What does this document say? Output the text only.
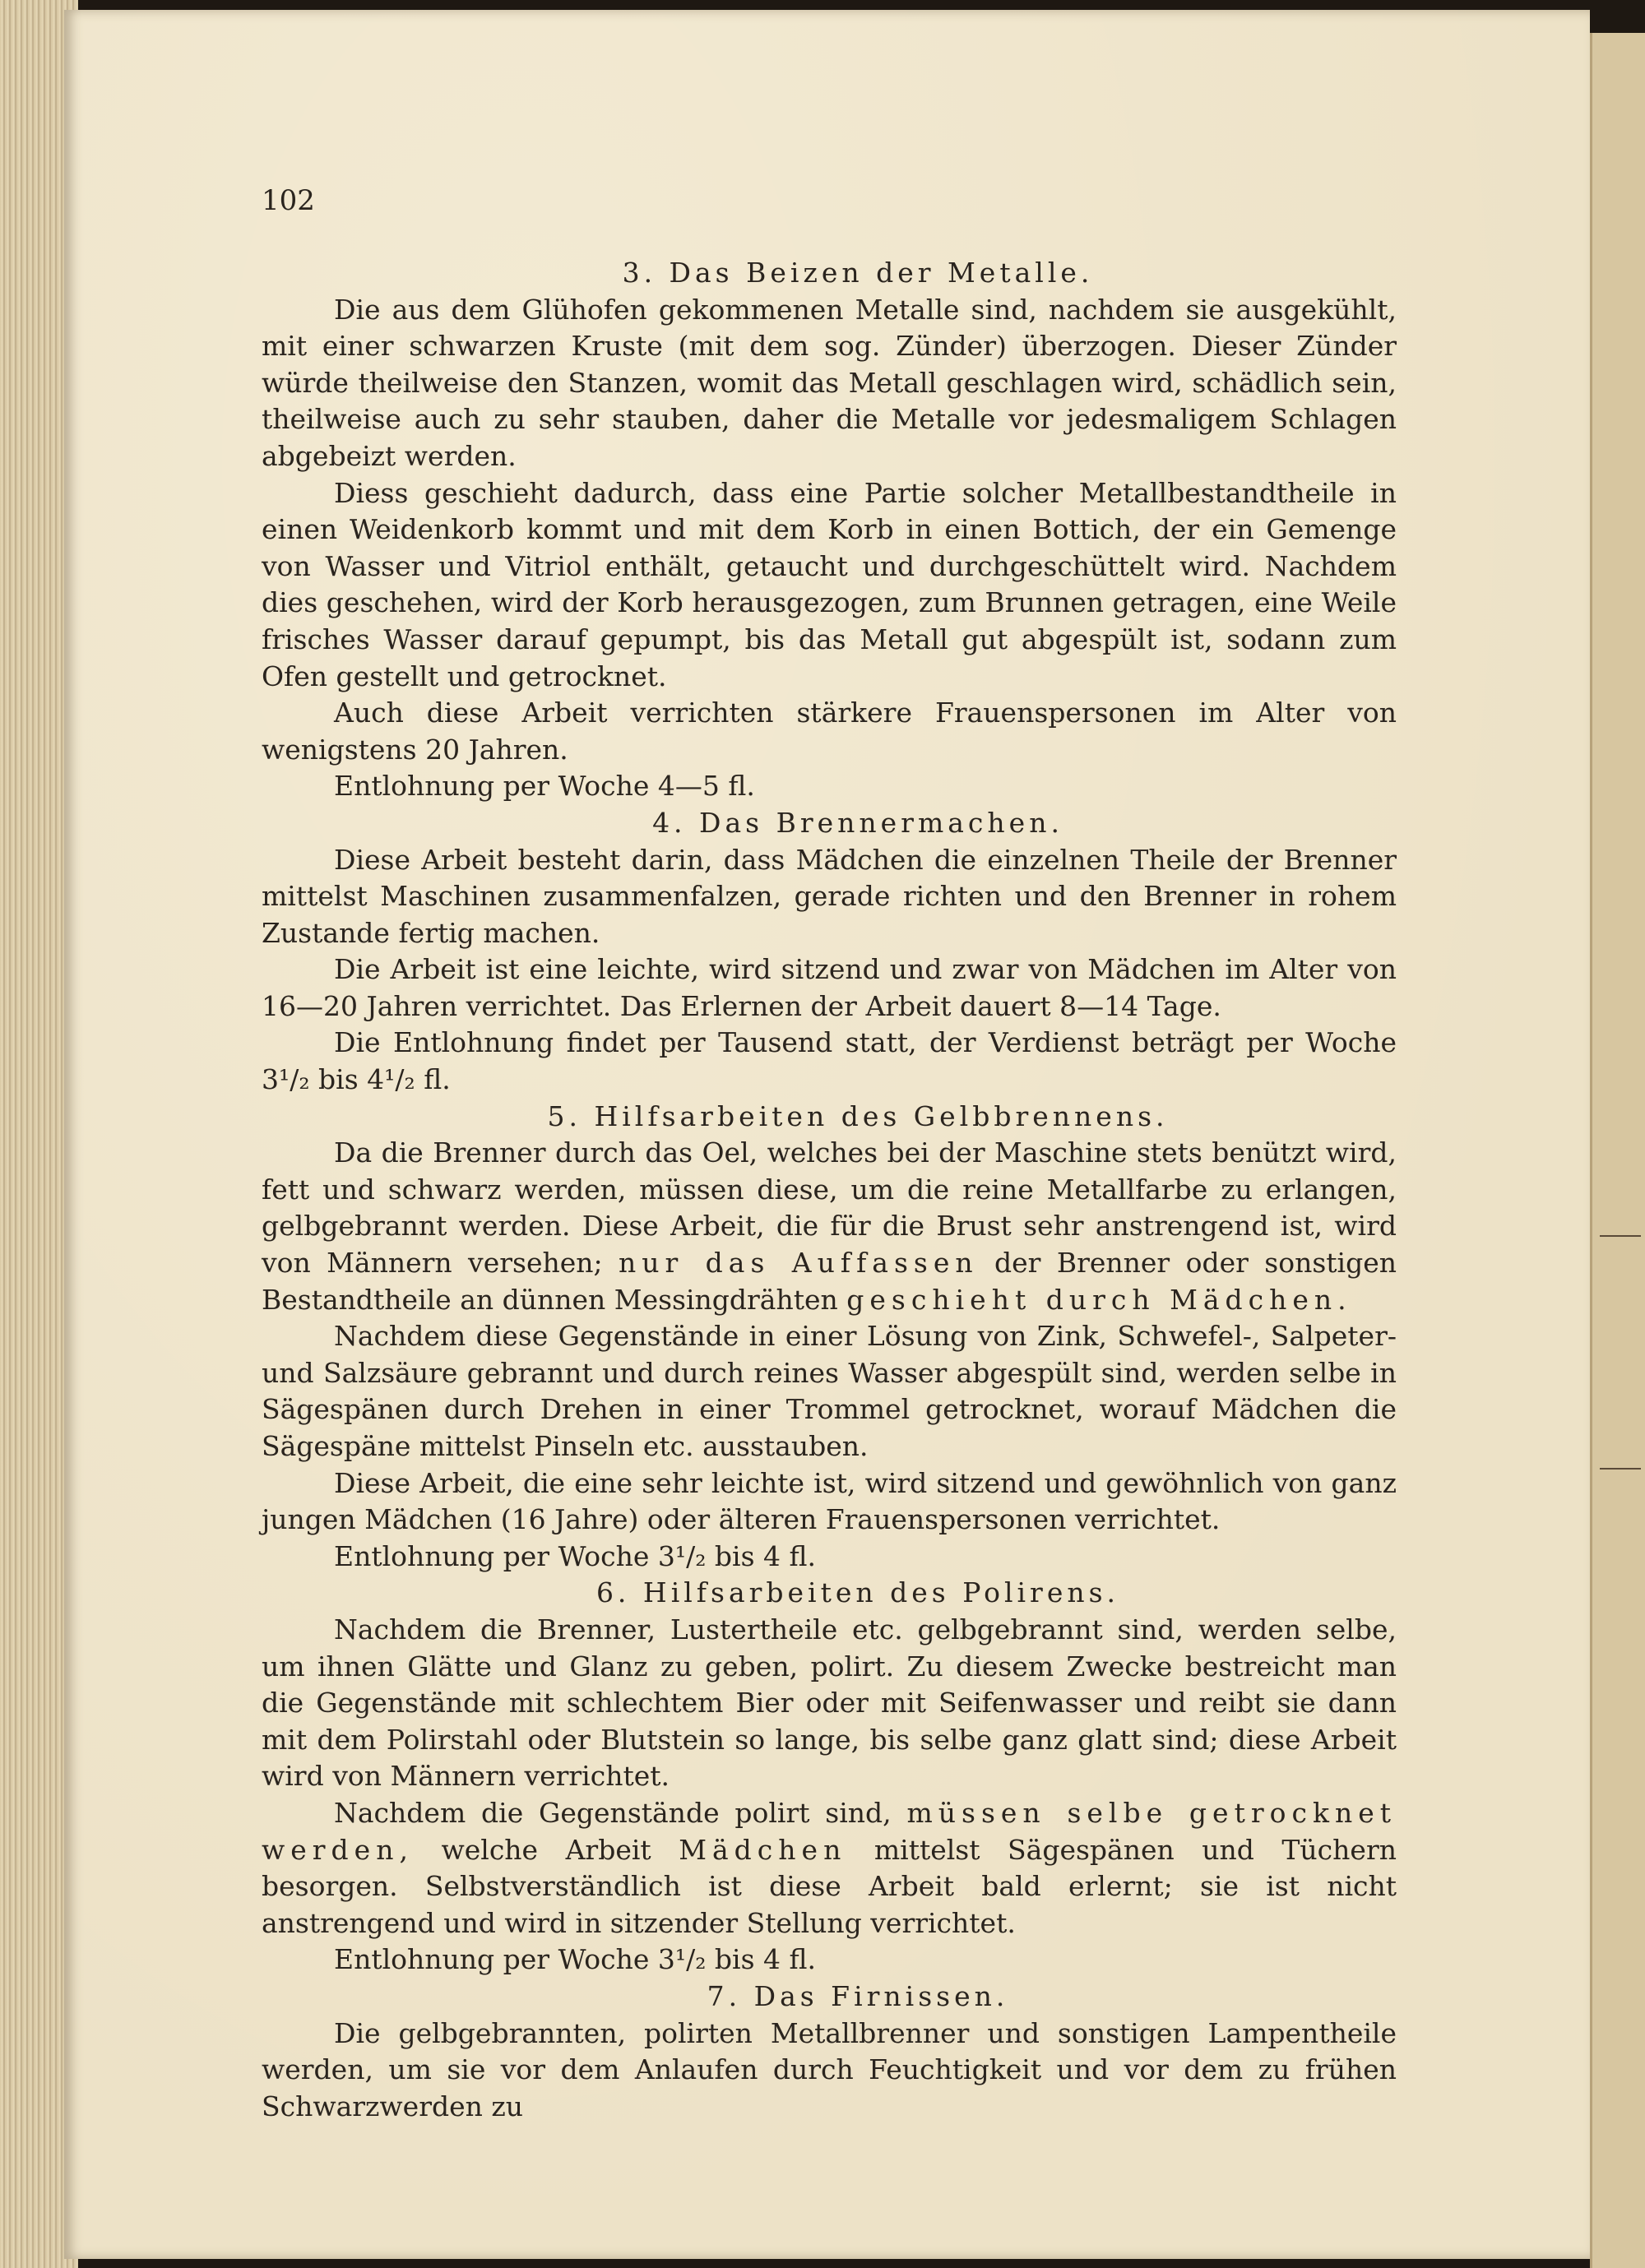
102
3. Das Beizen der Metalle.

Die aus dem Glühofen gekommenen Metalle sind, nachdem sie ausgekühlt, mit einer schwarzen Kruste (mit dem sog. Zünder) überzogen. Dieser Zünder würde theilweise den Stanzen, womit das Metall geschlagen wird, schädlich sein, theilweise auch zu sehr stauben, daher die Metalle vor jedesmaligem Schlagen abgebeizt werden.

Diess geschieht dadurch, dass eine Partie solcher Metallbestandtheile in einen Weidenkorb kommt und mit dem Korb in einen Bottich, der ein Gemenge von Wasser und Vitriol enthält, getaucht und durchgeschüttelt wird. Nachdem dies geschehen, wird der Korb herausgezogen, zum Brunnen getragen, eine Weile frisches Wasser darauf gepumpt, bis das Metall gut abgespült ist, sodann zum Ofen gestellt und getrocknet.

Auch diese Arbeit verrichten stärkere Frauenspersonen im Alter von wenigstens 20 Jahren.

Entlohnung per Woche 4—5 fl.

4. Das Brennermachen.

Diese Arbeit besteht darin, dass Mädchen die einzelnen Theile der Brenner mittelst Maschinen zusammenfalzen, gerade richten und den Brenner in rohem Zustande fertig machen.

Die Arbeit ist eine leichte, wird sitzend und zwar von Mädchen im Alter von 16—20 Jahren verrichtet. Das Erlernen der Arbeit dauert 8—14 Tage.

Die Entlohnung findet per Tausend statt, der Verdienst beträgt per Woche 3¹/₂ bis 4¹/₂ fl.

5. Hilfsarbeiten des Gelbbrennens.

Da die Brenner durch das Oel, welches bei der Maschine stets benützt wird, fett und schwarz werden, müssen diese, um die reine Metallfarbe zu erlangen, gelbgebrannt werden. Diese Arbeit, die für die Brust sehr anstrengend ist, wird von Männern versehen; nur das Auffassen der Brenner oder sonstigen Bestandtheile an dünnen Messingdrähten geschieht durch Mädchen.

Nachdem diese Gegenstände in einer Lösung von Zink, Schwefel-, Salpeter- und Salzsäure gebrannt und durch reines Wasser abgespült sind, werden selbe in Sägespänen durch Drehen in einer Trommel getrocknet, worauf Mädchen die Sägespäne mittelst Pinseln etc. ausstauben.

Diese Arbeit, die eine sehr leichte ist, wird sitzend und gewöhnlich von ganz jungen Mädchen (16 Jahre) oder älteren Frauenspersonen verrichtet.

Entlohnung per Woche 3¹/₂ bis 4 fl.

6. Hilfsarbeiten des Polirens.

Nachdem die Brenner, Lustertheile etc. gelbgebrannt sind, werden selbe, um ihnen Glätte und Glanz zu geben, polirt. Zu diesem Zwecke bestreicht man die Gegenstände mit schlechtem Bier oder mit Seifenwasser und reibt sie dann mit dem Polirstahl oder Blutstein so lange, bis selbe ganz glatt sind; diese Arbeit wird von Männern verrichtet.

Nachdem die Gegenstände polirt sind, müssen selbe getrocknet werden, welche Arbeit Mädchen mittelst Sägespänen und Tüchern besorgen. Selbstverständlich ist diese Arbeit bald erlernt; sie ist nicht anstrengend und wird in sitzender Stellung verrichtet.

Entlohnung per Woche 3¹/₂ bis 4 fl.

7. Das Firnissen.

Die gelbgebrannten, polirten Metallbrenner und sonstigen Lampentheile werden, um sie vor dem Anlaufen durch Feuchtigkeit und vor dem zu frühen Schwarzwerden zu
